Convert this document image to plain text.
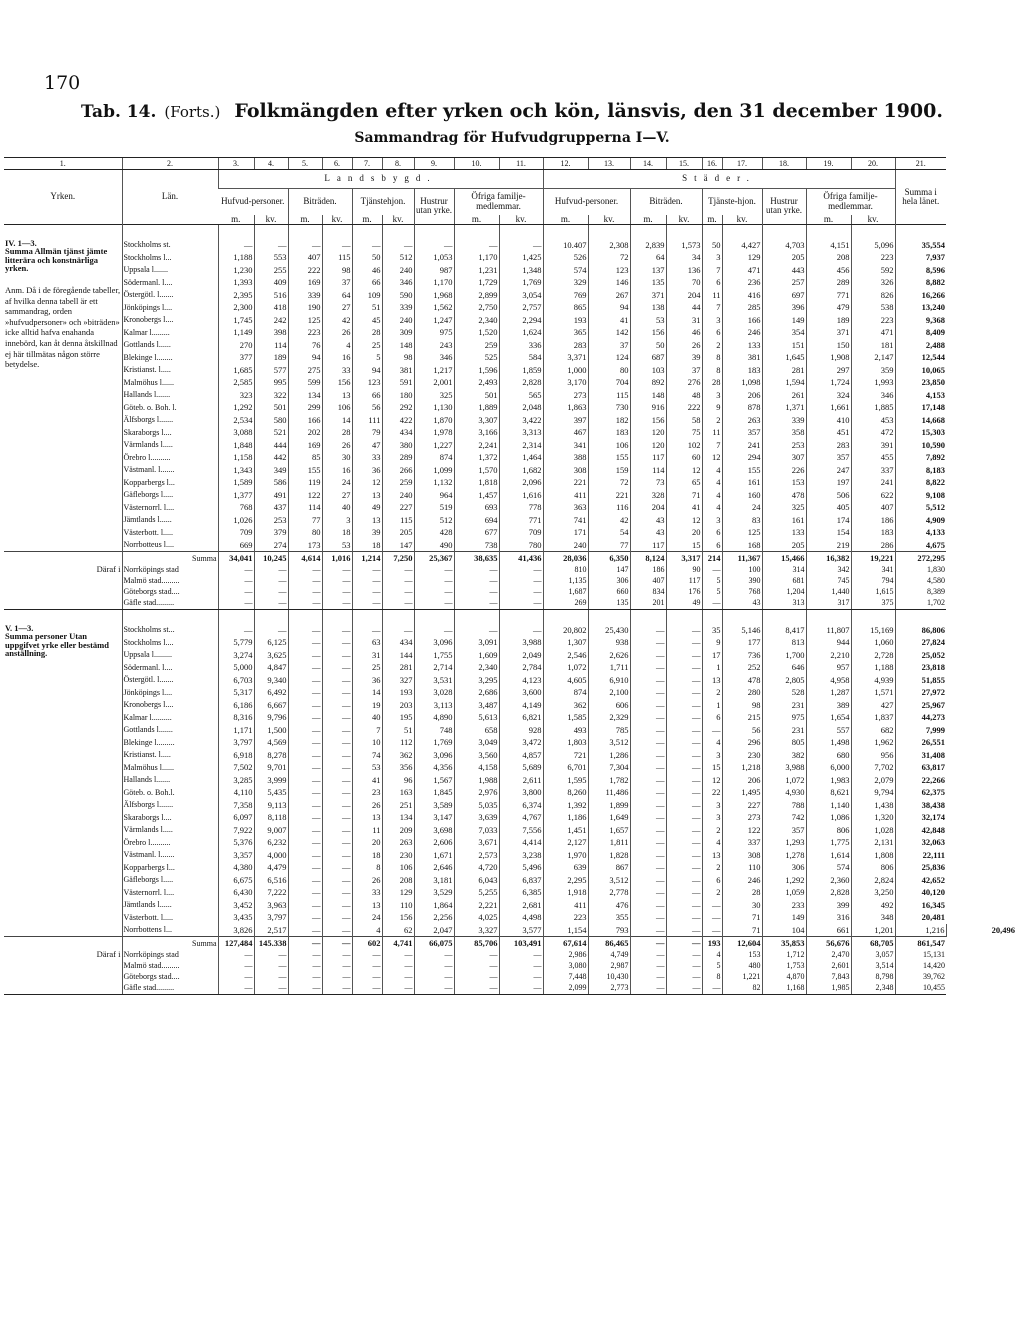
170
Tab. 14. (Forts.) Folkmängden efter yrken och kön, länsvis, den 31 december 1900.
Sammandrag för Hufvudgrupperna I—V.
1.	2.	3.	4.	5.	6.	7.	8.	9.	10.	11.	12.	13.	14.	15.	16.	17.	18.	19.	20.	21.	
Yrken.	Län.	Landsbygd.									Städer.									Summa i hela länet.	
		Hufvud-personer.		Biträden.		Tjänstehjon.		Hustrur utan yrke.	Öfriga familje-medlemmar.		Hufvud-personer.		Biträden.		Tjänste-hjon.		Hustrur utan yrke.	Öfriga familje-medlemmar.			
		m.	kv.	m.	kv.	m.	kv.		m.	kv.	m.	kv.	m.	kv.	m.	kv.		m.	kv.		

IV. 1—3.
Summa Allmän tjänst jämte litterära och konstnärliga yrken.
Anm. Då i de föregående tabeller, af hvilka denna tabell är ett sammandrag, orden »hufvudpersoner» och »biträden» icke alltid hafva enahanda innebörd, kan åt denna åtskillnad ej här tillmätas någon större betydelse.	Stockholms st.	—	—	—	—	—	—	—	—	—	10.407	2,308	2,839	1,573	50	4,427	4,703	4,151	5,096	35,554	
	Stockholms l...	1,188	553	407	115	50	512	1,053	1,170	1,425	526	72	64	34	3	129	205	208	223	7,937	
	Uppsala l.......	1,230	255	222	98	46	240	987	1,231	1,348	574	123	137	136	7	471	443	456	592	8,596	
	Södermanl. l....	1,393	409	169	37	66	346	1,170	1,729	1,769	329	146	135	70	6	236	257	289	326	8,882	
	Östergötl. l.......	2,395	516	339	64	109	590	1,968	2,899	3,054	769	267	371	204	11	416	697	771	826	16,266	
	Jönköpings l....	2,300	418	190	27	51	339	1,562	2,750	2,757	865	94	138	44	7	285	396	479	538	13,240	
	Kronobergs l....	1,745	242	125	42	45	240	1,247	2,340	2,294	193	41	53	31	3	166	149	189	223	9,368	
	Kalmar l.........	1,149	398	223	26	28	309	975	1,520	1,624	365	142	156	46	6	246	354	371	471	8,409	
	Gottlands l......	270	114	76	4	25	148	243	259	336	283	37	50	26	2	133	151	150	181	2,488	
	Blekinge l........	377	189	94	16	5	98	346	525	584	3,371	124	687	39	8	381	1,645	1,908	2,147	12,544	
	Kristianst. l.....	1,685	577	275	33	94	381	1,217	1,596	1,859	1,000	80	103	37	8	183	281	297	359	10,065	
	Malmöhus l......	2,585	995	599	156	123	591	2,001	2,493	2,828	3,170	704	892	276	28	1,098	1,594	1,724	1,993	23,850	
	Hallands l.......	323	322	134	13	66	180	325	501	565	273	115	148	48	3	206	261	324	346	4,153	
	Göteb. o. Boh. l.	1,292	501	299	106	56	292	1,130	1,889	2,048	1,863	730	916	222	9	878	1,371	1,661	1,885	17,148	
	Älfsborgs l.......	2,534	580	166	14	111	422	1,870	3,307	3,422	397	182	156	58	2	263	339	410	453	14,668	
	Skaraborgs l....	3,088	521	202	28	79	434	1,978	3,166	3,313	467	183	120	75	11	357	358	451	472	15,303	
	Värmlands l.....	1,848	444	169	26	47	380	1,227	2,241	2,314	341	106	120	102	7	241	253	283	391	10,590	
	Örebro l..........	1,158	442	85	30	33	289	874	1,372	1,464	388	155	117	60	12	294	307	357	455	7,892	
	Västmanl. l.......	1,343	349	155	16	36	266	1,099	1,570	1,682	308	159	114	12	4	155	226	247	337	8,183	
	Kopparbergs l...	1,589	586	119	24	12	259	1,132	1,818	2,096	221	72	73	65	4	161	153	197	241	8,822	
	Gäfleborgs l.....	1,377	491	122	27	13	240	964	1,457	1,616	411	221	328	71	4	160	478	506	622	9,108	
	Västernorrl. l....	768	437	114	40	49	227	519	693	778	363	116	204	41	4	24	325	405	407	5,512	
	Jämtlands l......	1,026	253	77	3	13	115	512	694	771	741	42	43	12	3	83	161	174	186	4,909	
	Västerbott. l.....	709	379	80	18	39	205	428	677	709	171	54	43	20	6	125	133	154	183	4,133	
	Norrbotteus l....	669	274	173	53	18	147	490	738	780	240	77	117	15	6	168	205	219	286	4,675	
	Summa	34,041	10,245	4,614	1,016	1,214	7,250	25,367	38,635	41,436	28,036	6,350	8,124	3,317	214	11,367	15,466	16,382	19,221	272,295	
Däraf i	Norrköpings stad	—	—	—	—	—	—	—	—	—	810	147	186	90	—	100	314	342	341	1,830	
	Malmö stad.........	—	—	—	—	—	—	—	—	—	1,135	306	407	117	5	390	681	745	794	4,580	
	Göteborgs stad....	—	—	—	—	—	—	—	—	—	1,687	660	834	176	5	768	1,204	1,440	1,615	8,389	
	Gäfle stad.........	—	—	—	—	—	—	—	—	—	269	135	201	49	—	43	313	317	375	1,702	

V. 1—3.
Summa personer Utan uppgifvet yrke eller bestämd anställning.	Stockholms st...	—	—	—	—	—	—	—	—	—	20,802	25,430	—	—	35	5,146	8,417	11,807	15,169	86,806	
	Stockholms l....	5,779	6,125	—	—	63	434	3,096	3,091	3,988	1,307	938	—	—	9	177	813	944	1,060	27,824	
	Uppsala l.........	3,274	3,625	—	—	31	144	1,755	1,609	2,049	2,546	2,626	—	—	17	736	1,700	2,210	2,728	25,052	
	Södermanl. l....	5,000	4,847	—	—	25	281	2,714	2,340	2,784	1,072	1,711	—	—	1	252	646	957	1,188	23,818	
	Östergötl. l.......	6,703	9,340	—	—	36	327	3,531	3,295	4,123	4,605	6,910	—	—	13	478	2,805	4,958	4,939	51,855	
	Jönköpings l....	5,317	6,492	—	—	14	193	3,028	2,686	3,600	874	2,100	—	—	2	280	528	1,287	1,571	27,972	
	Kronobergs l....	6,186	6,667	—	—	19	203	3,113	3,487	4,149	362	606	—	—	1	98	231	389	427	25,967	
	Kalmar l..........	8,316	9,796	—	—	40	195	4,890	5,613	6,821	1,585	2,329	—	—	6	215	975	1,654	1,837	44,273	
	Gottlands l.......	1,171	1,500	—	—	7	51	748	658	928	493	785	—	—	—	56	231	557	682	7,999	
	Blekinge l.........	3,797	4,569	—	—	10	112	1,769	3,049	3,472	1,803	3,512	—	—	4	296	805	1,498	1,962	26,551	
	Kristianst. l.....	6,918	8,278	—	—	74	362	3,096	3,560	4,857	721	1,286	—	—	3	230	382	680	956	31,408	
	Malmöhus l......	7,502	9,701	—	—	53	356	4,356	4,158	5,689	6,701	7,304	—	—	15	1,218	3,988	6,000	7,702	63,817	
	Hallands l.......	3,285	3,999	—	—	41	96	1,567	1,988	2,611	1,595	1,782	—	—	12	206	1,072	1,983	2,079	22,266	
	Göteb. o. Boh.l.	4,110	5,435	—	—	23	163	1,845	2,976	3,800	8,260	11,486	—	—	22	1,495	4,930	8,621	9,794	62,375	
	Älfsborgs l.......	7,358	9,113	—	—	26	251	3,589	5,035	6,374	1,392	1,899	—	—	3	227	788	1,140	1,438	38,438	
	Skaraborgs l....	6,097	8,118	—	—	13	134	3,147	3,639	4,767	1,186	1,649	—	—	3	273	742	1,086	1,320	32,174	
	Värmlands l.....	7,922	9,007	—	—	11	209	3,698	7,033	7,556	1,451	1,657	—	—	2	122	357	806	1,028	42,848	
	Örebro l..........	5,376	6,232	—	—	20	263	2,606	3,671	4,414	2,127	1,811	—	—	4	337	1,293	1,775	2,131	32,063	
	Västmanl. l.......	3,357	4,000	—	—	18	230	1,671	2,573	3,238	1,970	1,828	—	—	13	308	1,278	1,614	1,808	22,111	
	Kopparbergs l...	4,380	4,479	—	—	8	106	2,646	4,720	5,496	639	867	—	—	2	110	306	574	806	25,836	
	Gäfleborgs l.....	6,675	6,516	—	—	26	208	3,181	6,043	6,837	2,295	3,512	—	—	6	246	1,292	2,360	2,824	42,652	
	Västernorrl. l....	6,430	7,222	—	—	33	129	3,529	5,255	6,385	1,918	2,778	—	—	2	28	1,059	2,828	3,250	40,120	
	Jämtlands l......	3,452	3,963	—	—	13	110	1,864	2,221	2,681	411	476	—	—	—	30	233	399	492	16,345	
	Västerbott. l.....	3,435	3,797	—	—	24	156	2,256	4,025	4,498	223	355	—	—	—	71	149	316	348	20,481	
	Norrbottens l...	3,826	2,517	—	—	4	62	2,047	3,327	3,577	1,154	793	—	—	—	71	104	661	1,201	1,216	20,496
	Summa	127,484	145.338	—	—	602	4,741	66,075	85,706	103,491	67,614	86,465	—	—	193	12,604	35,853	56,676	68,705	861,547	
Däraf i	Norrköpings stad	—	—	—	—	—	—	—	—	—	2,986	4,749	—	—	4	153	1,712	2,470	3,057	15,131	
	Malmö stad.........	—	—	—	—	—	—	—	—	—	3,080	2,987	—	—	5	480	1,753	2,601	3,514	14,420	
	Göteborgs stad....	—	—	—	—	—	—	—	—	—	7,448	10,430	—	—	8	1,221	4,870	7,843	8,798	39,762	
	Gäfle stad.........	—	—	—	—	—	—	—	—	—	2,099	2,773	—	—	—	82	1,168	1,985	2,348	10,455	
